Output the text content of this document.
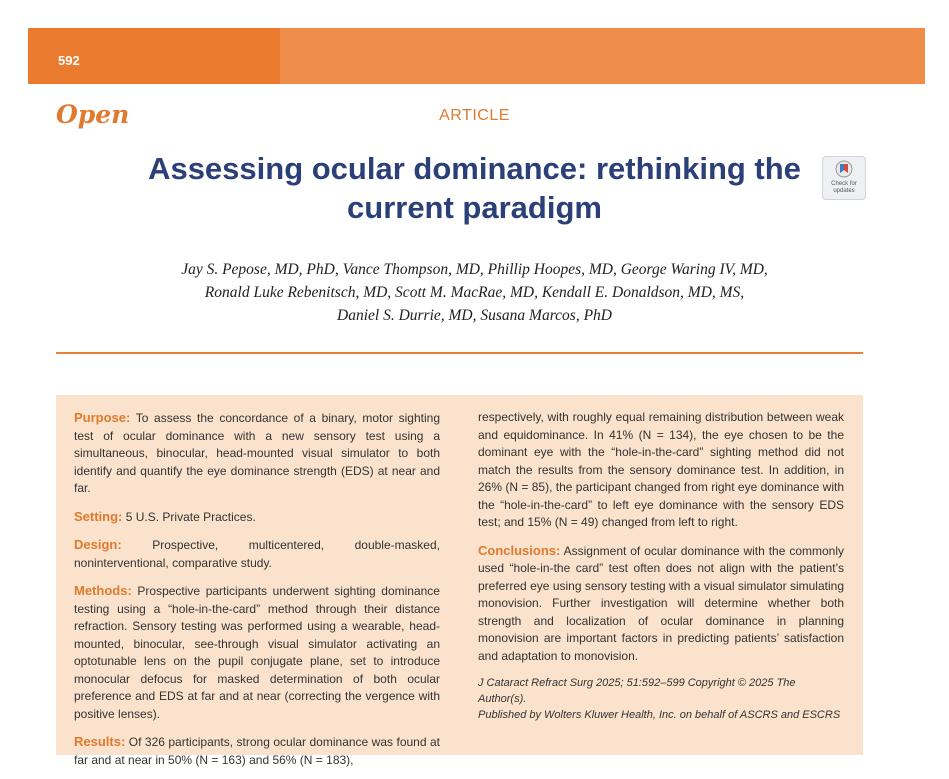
592
Open	ARTICLE
Assessing ocular dominance: rethinking the current paradigm
Check for updates
Jay S. Pepose, MD, PhD, Vance Thompson, MD, Phillip Hoopes, MD, George Waring IV, MD,
Ronald Luke Rebenitsch, MD, Scott M. MacRae, MD, Kendall E. Donaldson, MD, MS,
Daniel S. Durrie, MD, Susana Marcos, PhD

Purpose: To assess the concordance of a binary, motor sighting test of ocular dominance with a new sensory test using a simultaneous, binocular, head-mounted visual simulator to both identify and quantify the eye dominance strength (EDS) at near and far.

Setting: 5 U.S. Private Practices.

Design:	Prospective, multicentered, double-masked, noninterventional, comparative study.

Methods: Prospective participants underwent sighting dominance testing using a “hole-in-the-card” method through their distance refraction. Sensory testing was performed using a wearable, head-mounted, binocular, see-through visual simulator activating an optotunable lens on the pupil conjugate plane, set to introduce monocular defocus for masked determination of both ocular preference and EDS at far and at near (correcting the vergence with positive lenses).

Results: Of 326 participants, strong ocular dominance was found at far and at near in 50% (N = 163) and 56% (N = 183),

respectively, with roughly equal remaining distribution between weak and equidominance. In 41% (N = 134), the eye chosen to be the dominant eye with the “hole-in-the-card” sighting method did not match the results from the sensory dominance test. In addition, in 26% (N = 85), the participant changed from right eye dominance with the “hole-in-the-card” to left eye dominance with the sensory EDS test; and 15% (N = 49) changed from left to right.

Conclusions: Assignment of ocular dominance with the commonly used “hole-in-the card” test often does not align with the patient’s preferred eye using sensory testing with a visual simulator simulating monovision. Further investigation will determine whether both strength and localization of ocular dominance in planning monovision are important factors in predicting patients’ satisfaction and adaptation to monovision.

J Cataract Refract Surg 2025; 51:592–599 Copyright © 2025 The Author(s).
Published by Wolters Kluwer Health, Inc. on behalf of ASCRS and ESCRS
